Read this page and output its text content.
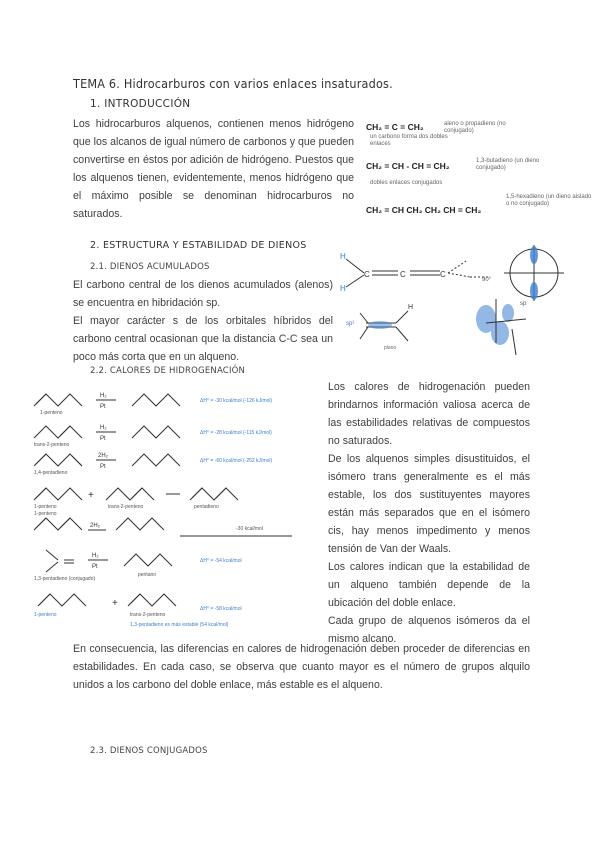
TEMA 6. Hidrocarburos con varios enlaces insaturados.
1. INTRODUCCIÓN

Los hidrocarburos alquenos, contienen menos hidrógeno que los alcanos de igual número de carbonos y que pueden convertirse en éstos por adición de hidrógeno. Puestos que los alquenos tienen, evidentemente, menos hidrógeno que el máximo posible se denominan hidrocarburos no saturados.

CH₂ = C = CH₂	aleno o propadieno (no conjugado)
un carbono forma dos dobles enlaces
CH₂ = CH - CH = CH₂	1,3-butadieno (un dieno conjugado)
dobles enlaces conjugados
CH₂ = CH CH₂ CH₂ CH = CH₂
1,5-hexadieno (un dieno aislado o no conjugado)
2. ESTRUCTURA Y ESTABILIDAD DE DIENOS
2.1. DIENOS ACUMULADOS

El carbono central de los dienos acumulados (alenos) se encuentra en hibridación sp.

El mayor carácter s de los orbitales híbridos del carbono central ocasionan que la distancia C-C sea un poco más corta que en un alqueno.

H
H
C	C	C
90°
sp²
H
plano
sp
2.2. CALORES DE HIDROGENACIÓN
+
+
H₂
Pt
H₂
Pt
2H₂
Pt
2H₂
H₂
Pt
1-penteno
ΔH° = -30 kcal/mol (-126 kJ/mol)
trans-2-penteno
ΔH° = -28 kcal/mol (-115 kJ/mol)
1,4-pentadieno
ΔH° = -60 kcal/mol (-252 kJ/mol)
1-penteno
1-penteno
trans-2-penteno	pentadieno
-30 kcal/mol
1,3-pentadieno (conjugado)
ΔH° = -54 kcal/mol
pentano
1-penteno	trans-2-penteno
ΔH° = -58 kcal/mol
1,3-pentadieno es más estable (54 kcal/mol)

Los calores de hidrogenación pueden brindarnos información valiosa acerca de las estabilidades relativas de compuestos no saturados.

De los alquenos simples disustituidos, el isómero trans generalmente es el más estable, los dos sustituyentes mayores están más separados que en el isómero cis, hay menos impedimento y menos tensión de Van der Waals.

Los calores indican que la estabilidad de un alqueno también depende de la ubicación del doble enlace.

Cada grupo de alquenos isómeros da el mismo alcano.

En consecuencia, las diferencias en calores de hidrogenación deben proceder de diferencias en estabilidades. En cada caso, se observa que cuanto mayor es el número de grupos alquilo unidos a los carbono del doble enlace, más estable es el alqueno.

2.3. DIENOS CONJUGADOS
